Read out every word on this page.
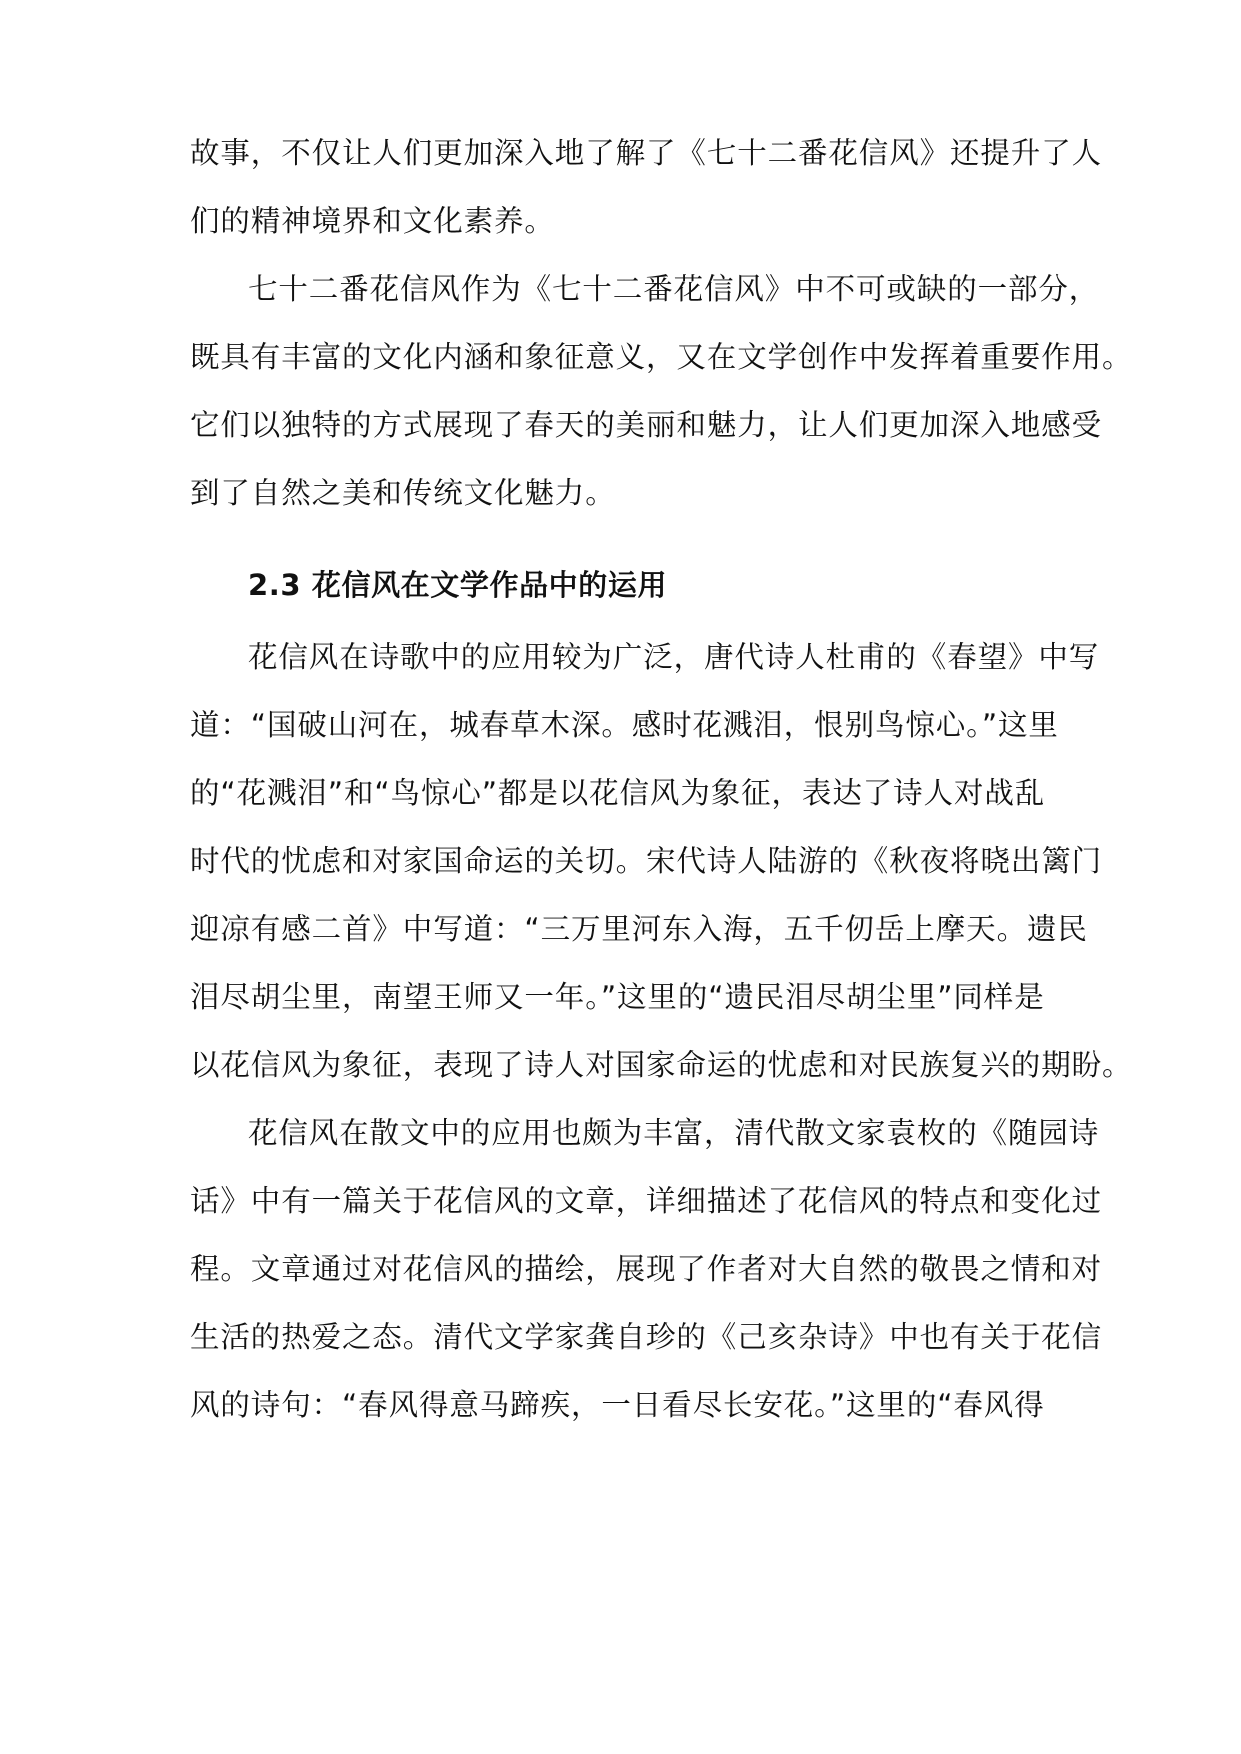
故事，不仅让人们更加深入地了解了《七十二番花信风》还提升了人
们的精神境界和文化素养。
七十二番花信风作为《七十二番花信风》中不可或缺的一部分，
既具有丰富的文化内涵和象征意义，又在文学创作中发挥着重要作用。
它们以独特的方式展现了春天的美丽和魅力，让人们更加深入地感受
到了自然之美和传统文化魅力。
2.3 花信风在文学作品中的运用
花信风在诗歌中的应用较为广泛，唐代诗人杜甫的《春望》中写
道：“国破山河在，城春草木深。感时花溅泪，恨别鸟惊心。”这里
的“花溅泪”和“鸟惊心”都是以花信风为象征，表达了诗人对战乱
时代的忧虑和对家国命运的关切。宋代诗人陆游的《秋夜将晓出篱门
迎凉有感二首》中写道：“三万里河东入海，五千仞岳上摩天。遗民
泪尽胡尘里，南望王师又一年。”这里的“遗民泪尽胡尘里”同样是
以花信风为象征，表现了诗人对国家命运的忧虑和对民族复兴的期盼。
花信风在散文中的应用也颇为丰富，清代散文家袁枚的《随园诗
话》中有一篇关于花信风的文章，详细描述了花信风的特点和变化过
程。文章通过对花信风的描绘，展现了作者对大自然的敬畏之情和对
生活的热爱之态。清代文学家龚自珍的《己亥杂诗》中也有关于花信
风的诗句：“春风得意马蹄疾，一日看尽长安花。”这里的“春风得
